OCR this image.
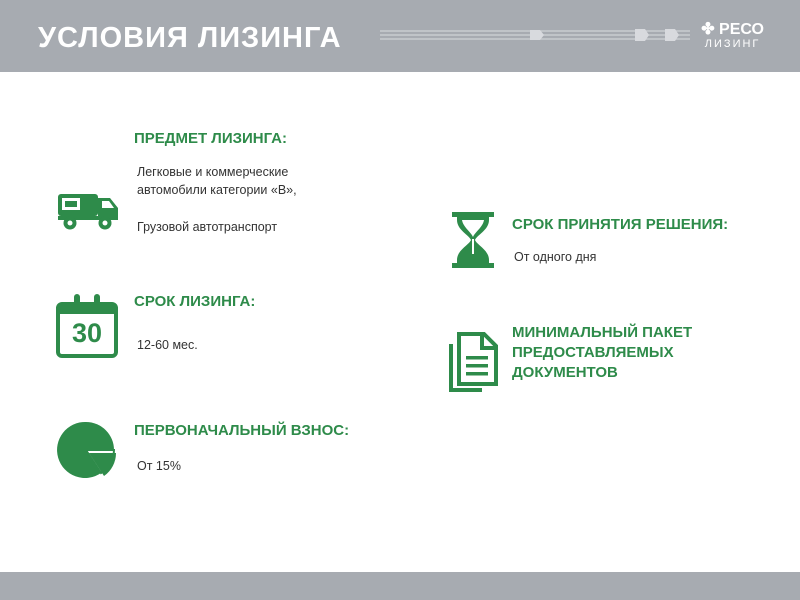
УСЛОВИЯ ЛИЗИНГА	✤ РЕСО
ЛИЗИНГ
ПРЕДМЕТ ЛИЗИНГА:
Легковые и коммерческие
автомобили категории «В»,
Грузовой автотранспорт
30
СРОК ЛИЗИНГА:
12-60 мес.
ПЕРВОНАЧАЛЬНЫЙ ВЗНОС:
От 15%
СРОК ПРИНЯТИЯ РЕШЕНИЯ:
От одного дня
МИНИМАЛЬНЫЙ ПАКЕТ
ПРЕДОСТАВЛЯЕМЫХ
ДОКУМЕНТОВ
